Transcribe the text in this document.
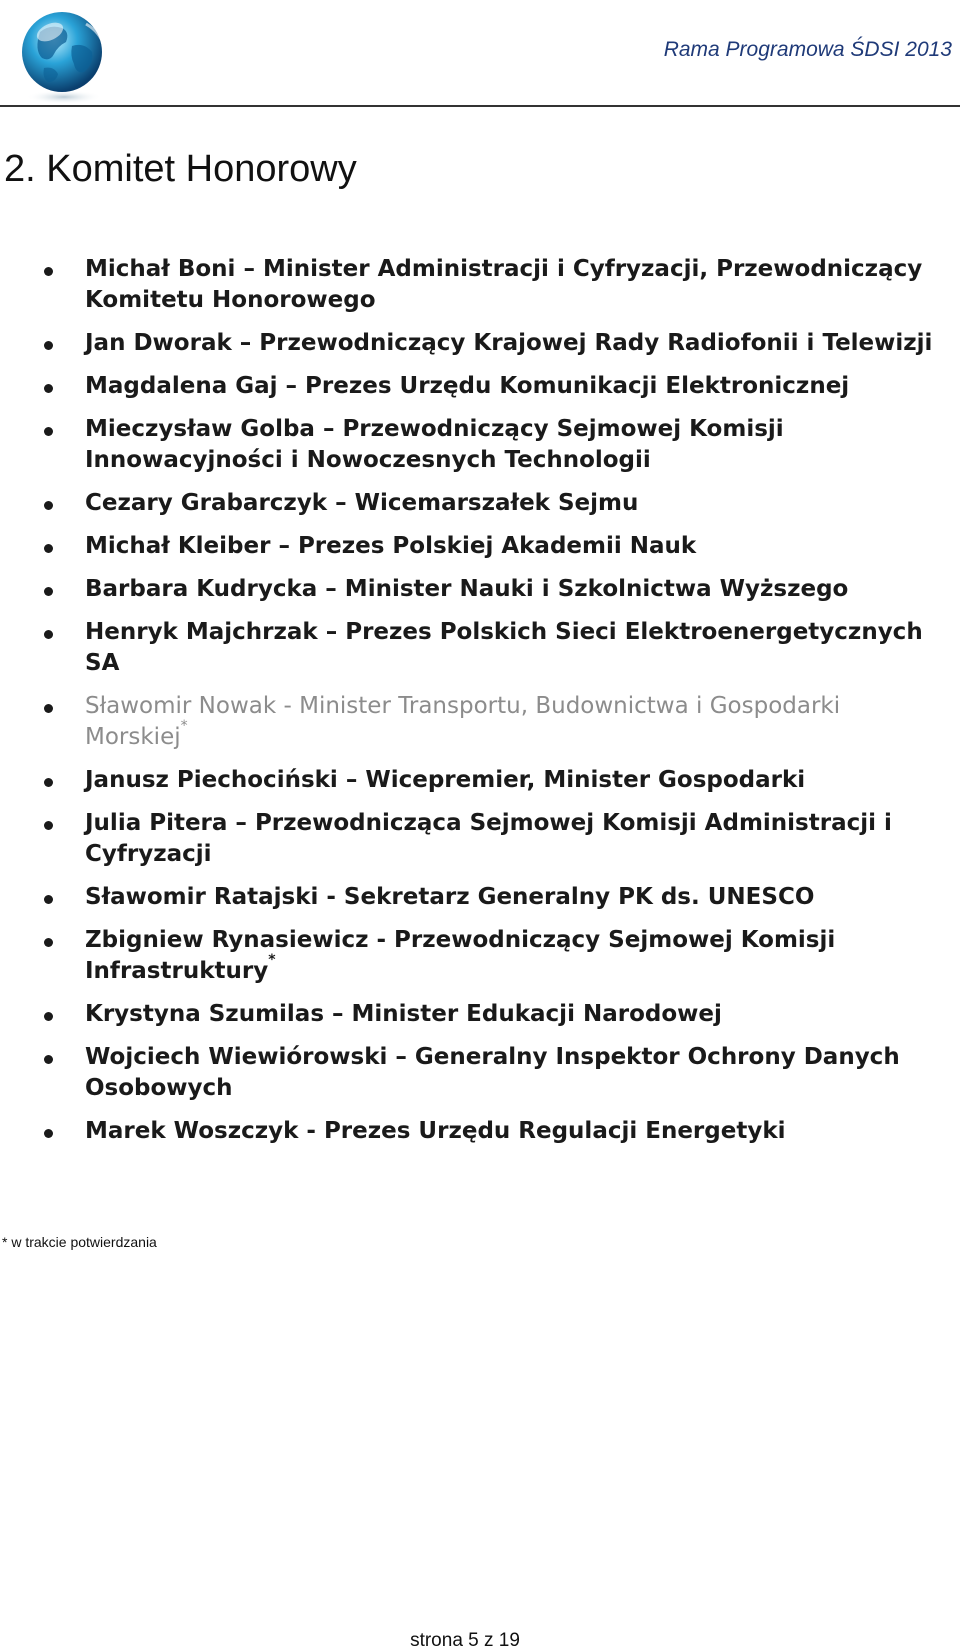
Rama Programowa ŚDSI 2013
2. Komitet Honorowy
Michał Boni – Minister Administracji i Cyfryzacji, Przewodniczący Komitetu Honorowego
Jan Dworak – Przewodniczący Krajowej Rady Radiofonii i Telewizji
Magdalena Gaj – Prezes Urzędu Komunikacji Elektronicznej
Mieczysław Golba – Przewodniczący Sejmowej Komisji Innowacyjności i Nowoczesnych Technologii
Cezary Grabarczyk – Wicemarszałek Sejmu
Michał Kleiber – Prezes Polskiej Akademii Nauk
Barbara Kudrycka – Minister Nauki i Szkolnictwa Wyższego
Henryk Majchrzak – Prezes Polskich Sieci Elektroenergetycznych SA
Sławomir Nowak - Minister Transportu, Budownictwa i Gospodarki Morskiej*
Janusz Piechociński – Wicepremier, Minister Gospodarki
Julia Pitera – Przewodnicząca Sejmowej Komisji Administracji i Cyfryzacji
Sławomir Ratajski - Sekretarz Generalny PK ds. UNESCO
Zbigniew Rynasiewicz - Przewodniczący Sejmowej Komisji Infrastruktury*
Krystyna Szumilas – Minister Edukacji Narodowej
Wojciech Wiewiórowski – Generalny Inspektor Ochrony Danych Osobowych
Marek Woszczyk - Prezes Urzędu Regulacji Energetyki
* w trakcie potwierdzania
strona 5 z 19
